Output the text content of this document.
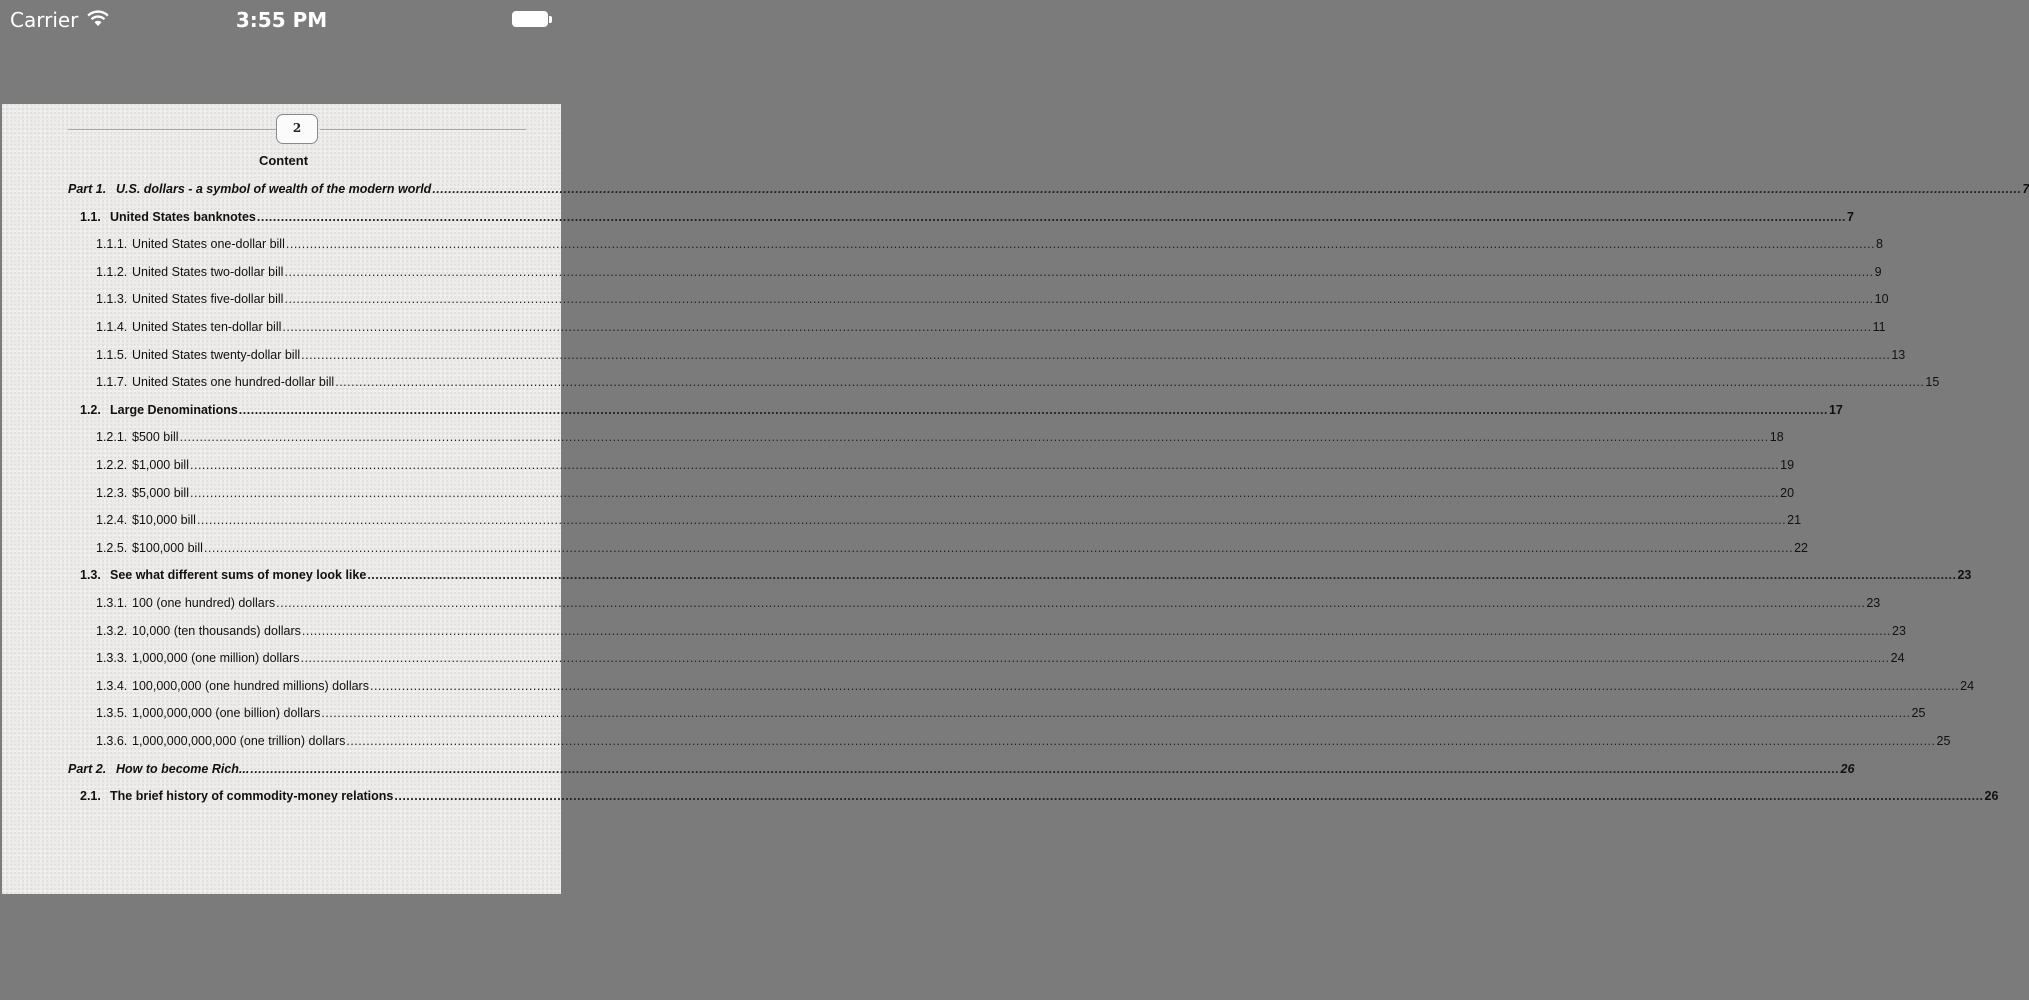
Carrier	3:55 PM
2
Content
Part 1. U.S. dollars - a symbol of wealth of the modern world ................................................................................................................................................................................................................................................................................................................................................................................................................ 7
1.1. United States banknotes ................................................................................................................................................................................................................................................................................................................................................................................................................ 7
1.1.1. United States one-dollar bill ................................................................................................................................................................................................................................................................................................................................................................................................................ 8
1.1.2. United States two-dollar bill ................................................................................................................................................................................................................................................................................................................................................................................................................ 9
1.1.3. United States five-dollar bill ................................................................................................................................................................................................................................................................................................................................................................................................................ 10
1.1.4. United States ten-dollar bill ................................................................................................................................................................................................................................................................................................................................................................................................................ 11
1.1.5. United States twenty-dollar bill ................................................................................................................................................................................................................................................................................................................................................................................................................ 13
1.1.7. United States one hundred-dollar bill ................................................................................................................................................................................................................................................................................................................................................................................................................ 15
1.2. Large Denominations ................................................................................................................................................................................................................................................................................................................................................................................................................ 17
1.2.1. $500 bill ................................................................................................................................................................................................................................................................................................................................................................................................................ 18
1.2.2. $1,000 bill ................................................................................................................................................................................................................................................................................................................................................................................................................ 19
1.2.3. $5,000 bill ................................................................................................................................................................................................................................................................................................................................................................................................................ 20
1.2.4. $10,000 bill ................................................................................................................................................................................................................................................................................................................................................................................................................ 21
1.2.5. $100,000 bill ................................................................................................................................................................................................................................................................................................................................................................................................................ 22
1.3. See what different sums of money look like ................................................................................................................................................................................................................................................................................................................................................................................................................ 23
1.3.1. 100 (one hundred) dollars ................................................................................................................................................................................................................................................................................................................................................................................................................ 23
1.3.2. 10,000 (ten thousands) dollars ................................................................................................................................................................................................................................................................................................................................................................................................................ 23
1.3.3. 1,000,000 (one million) dollars ................................................................................................................................................................................................................................................................................................................................................................................................................ 24
1.3.4. 100,000,000 (one hundred millions) dollars ................................................................................................................................................................................................................................................................................................................................................................................................................ 24
1.3.5. 1,000,000,000 (one billion) dollars ................................................................................................................................................................................................................................................................................................................................................................................................................ 25
1.3.6. 1,000,000,000,000 (one trillion) dollars ................................................................................................................................................................................................................................................................................................................................................................................................................ 25
Part 2. How to become Rich... ................................................................................................................................................................................................................................................................................................................................................................................................................ 26
2.1. The brief history of commodity-money relations ................................................................................................................................................................................................................................................................................................................................................................................................................ 26
